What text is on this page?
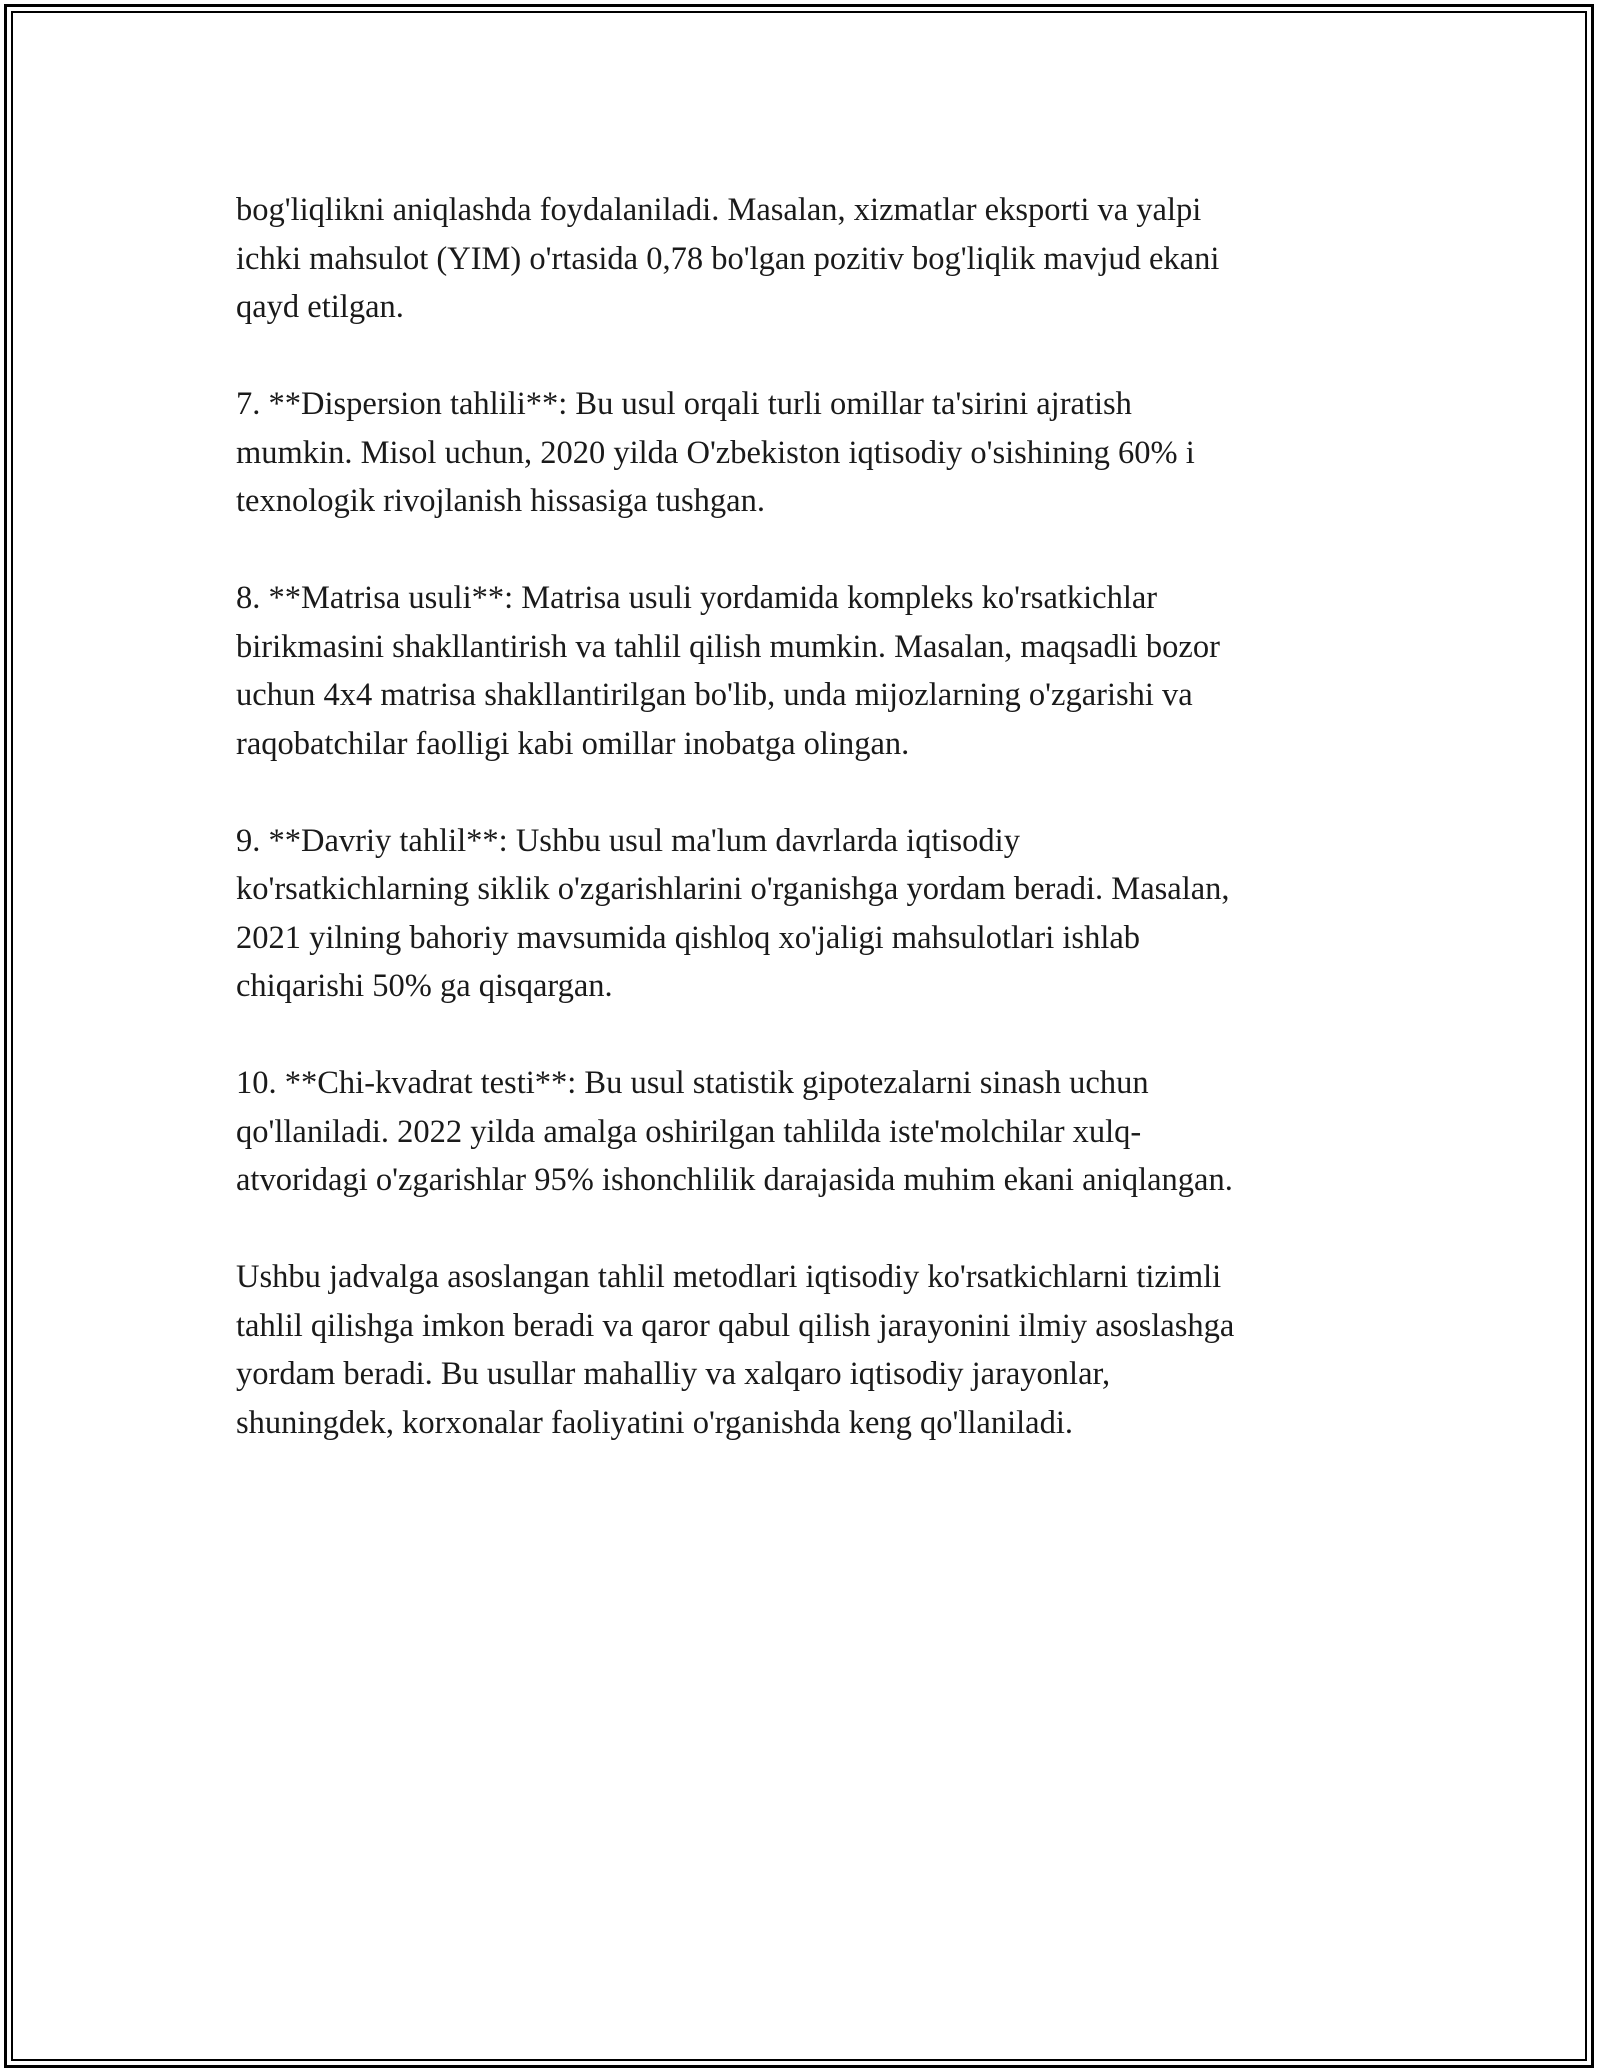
bog'liqlikni aniqlashda foydalaniladi. Masalan, xizmatlar eksporti va yalpi
ichki mahsulot (YIM) o'rtasida 0,78 bo'lgan pozitiv bog'liqlik mavjud ekani
qayd etilgan.

7. **Dispersion tahlili**: Bu usul orqali turli omillar ta'sirini ajratish
mumkin. Misol uchun, 2020 yilda O'zbekiston iqtisodiy o'sishining 60% i
texnologik rivojlanish hissasiga tushgan.

8. **Matrisa usuli**: Matrisa usuli yordamida kompleks ko'rsatkichlar
birikmasini shakllantirish va tahlil qilish mumkin. Masalan, maqsadli bozor
uchun 4x4 matrisa shakllantirilgan bo'lib, unda mijozlarning o'zgarishi va
raqobatchilar faolligi kabi omillar inobatga olingan.

9. **Davriy tahlil**: Ushbu usul ma'lum davrlarda iqtisodiy
ko'rsatkichlarning siklik o'zgarishlarini o'rganishga yordam beradi. Masalan,
2021 yilning bahoriy mavsumida qishloq xo'jaligi mahsulotlari ishlab
chiqarishi 50% ga qisqargan.

10. **Chi-kvadrat testi**: Bu usul statistik gipotezalarni sinash uchun
qo'llaniladi. 2022 yilda amalga oshirilgan tahlilda iste'molchilar xulq-
atvoridagi o'zgarishlar 95% ishonchlilik darajasida muhim ekani aniqlangan.

Ushbu jadvalga asoslangan tahlil metodlari iqtisodiy ko'rsatkichlarni tizimli
tahlil qilishga imkon beradi va qaror qabul qilish jarayonini ilmiy asoslashga
yordam beradi. Bu usullar mahalliy va xalqaro iqtisodiy jarayonlar,
shuningdek, korxonalar faoliyatini o'rganishda keng qo'llaniladi.
